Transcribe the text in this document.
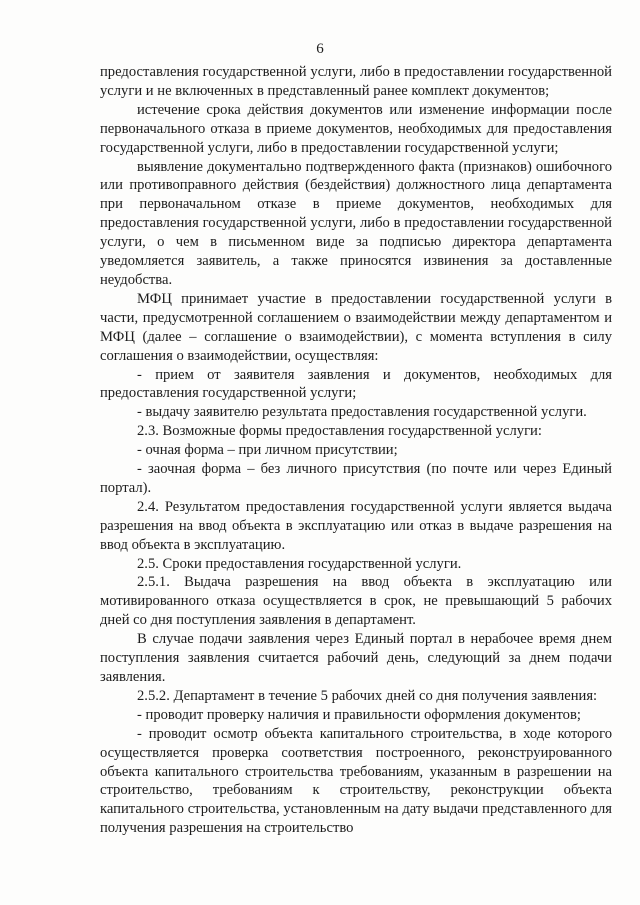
6

предоставления государственной услуги, либо в предоставлении государственной услуги и не включенных в представленный ранее комплект документов;

истечение срока действия документов или изменение информации после первоначального отказа в приеме документов, необходимых для предоставления государственной услуги, либо в предоставлении государственной услуги;

выявление документально подтвержденного факта (признаков) ошибочного или противоправного действия (бездействия) должностного лица департамента при первоначальном отказе в приеме документов, необходимых для предоставления государственной услуги, либо в предоставлении государственной услуги, о чем в письменном виде за подписью директора департамента уведомляется заявитель, а также приносятся извинения за доставленные неудобства.

МФЦ принимает участие в предоставлении государственной услуги в части, предусмотренной соглашением о взаимодействии между департаментом и МФЦ (далее – соглашение о взаимодействии), с момента вступления в силу соглашения о взаимодействии, осуществляя:

- прием от заявителя заявления и документов, необходимых для предоставления государственной услуги;

- выдачу заявителю результата предоставления государственной услуги.

2.3. Возможные формы предоставления государственной услуги:

- очная форма – при личном присутствии;

- заочная форма – без личного присутствия (по почте или через Единый портал).

2.4. Результатом предоставления государственной услуги является выдача разрешения на ввод объекта в эксплуатацию или отказ в выдаче разрешения на ввод объекта в эксплуатацию.

2.5. Сроки предоставления государственной услуги.

2.5.1. Выдача разрешения на ввод объекта в эксплуатацию или мотивированного отказа осуществляется в срок, не превышающий 5 рабочих дней со дня поступления заявления в департамент.

В случае подачи заявления через Единый портал в нерабочее время днем поступления заявления считается рабочий день, следующий за днем подачи заявления.

2.5.2. Департамент в течение 5 рабочих дней со дня получения заявления:

- проводит проверку наличия и правильности оформления документов;

- проводит осмотр объекта капитального строительства, в ходе которого осуществляется проверка соответствия построенного, реконструированного объекта капитального строительства требованиям, указанным в разрешении на строительство, требованиям к строительству, реконструкции объекта капитального строительства, установленным на дату выдачи представленного для получения разрешения на строительство
